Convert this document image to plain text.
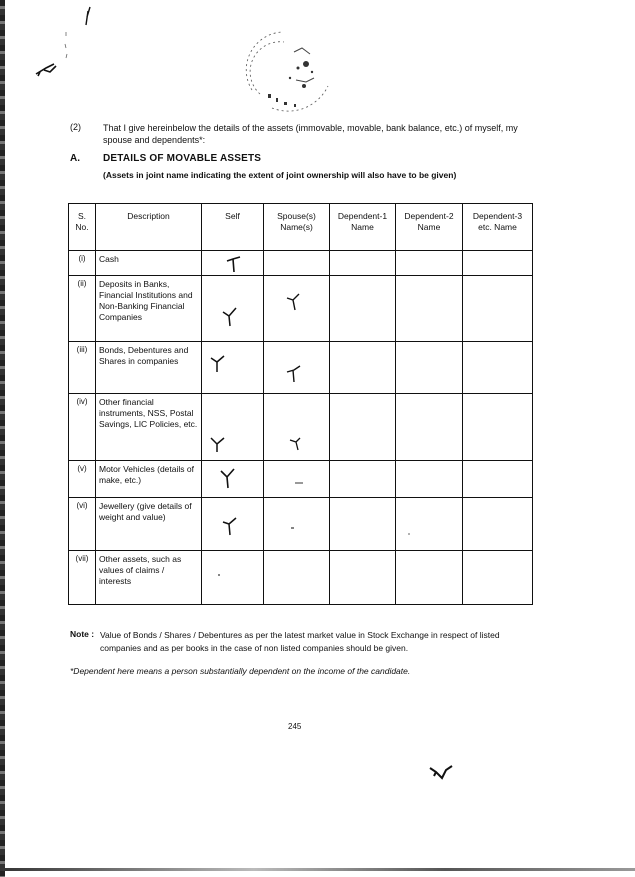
(2) That I give hereinbelow the details of the assets (immovable, movable, bank balance, etc.) of myself, my spouse and dependents*:
A. DETAILS OF MOVABLE ASSETS
(Assets in joint name indicating the extent of joint ownership will also have to be given)
S. No.	Description	Self	Spouse(s) Name(s)	Dependent-1 Name	Dependent-2 Name	Dependent-3 etc. Name
(i)	Cash	

(ii)	Deposits in Banks, Financial Institutions and Non-Banking Financial Companies	

(iii)	Bonds, Debentures and Shares in companies	

(iv)	Other financial instruments, NSS, Postal Savings, LIC Policies, etc.	

(v)	Motor Vehicles (details of make, etc.)	

(vi)	Jewellery (give details of weight and value)	

(vii)	Other assets, such as values of claims / interests	

Note : Value of Bonds / Shares / Debentures as per the latest market value in Stock Exchange in respect of listed companies and as per books in the case of non listed companies should be given.
*Dependent here means a person substantially dependent on the income of the candidate.
245
